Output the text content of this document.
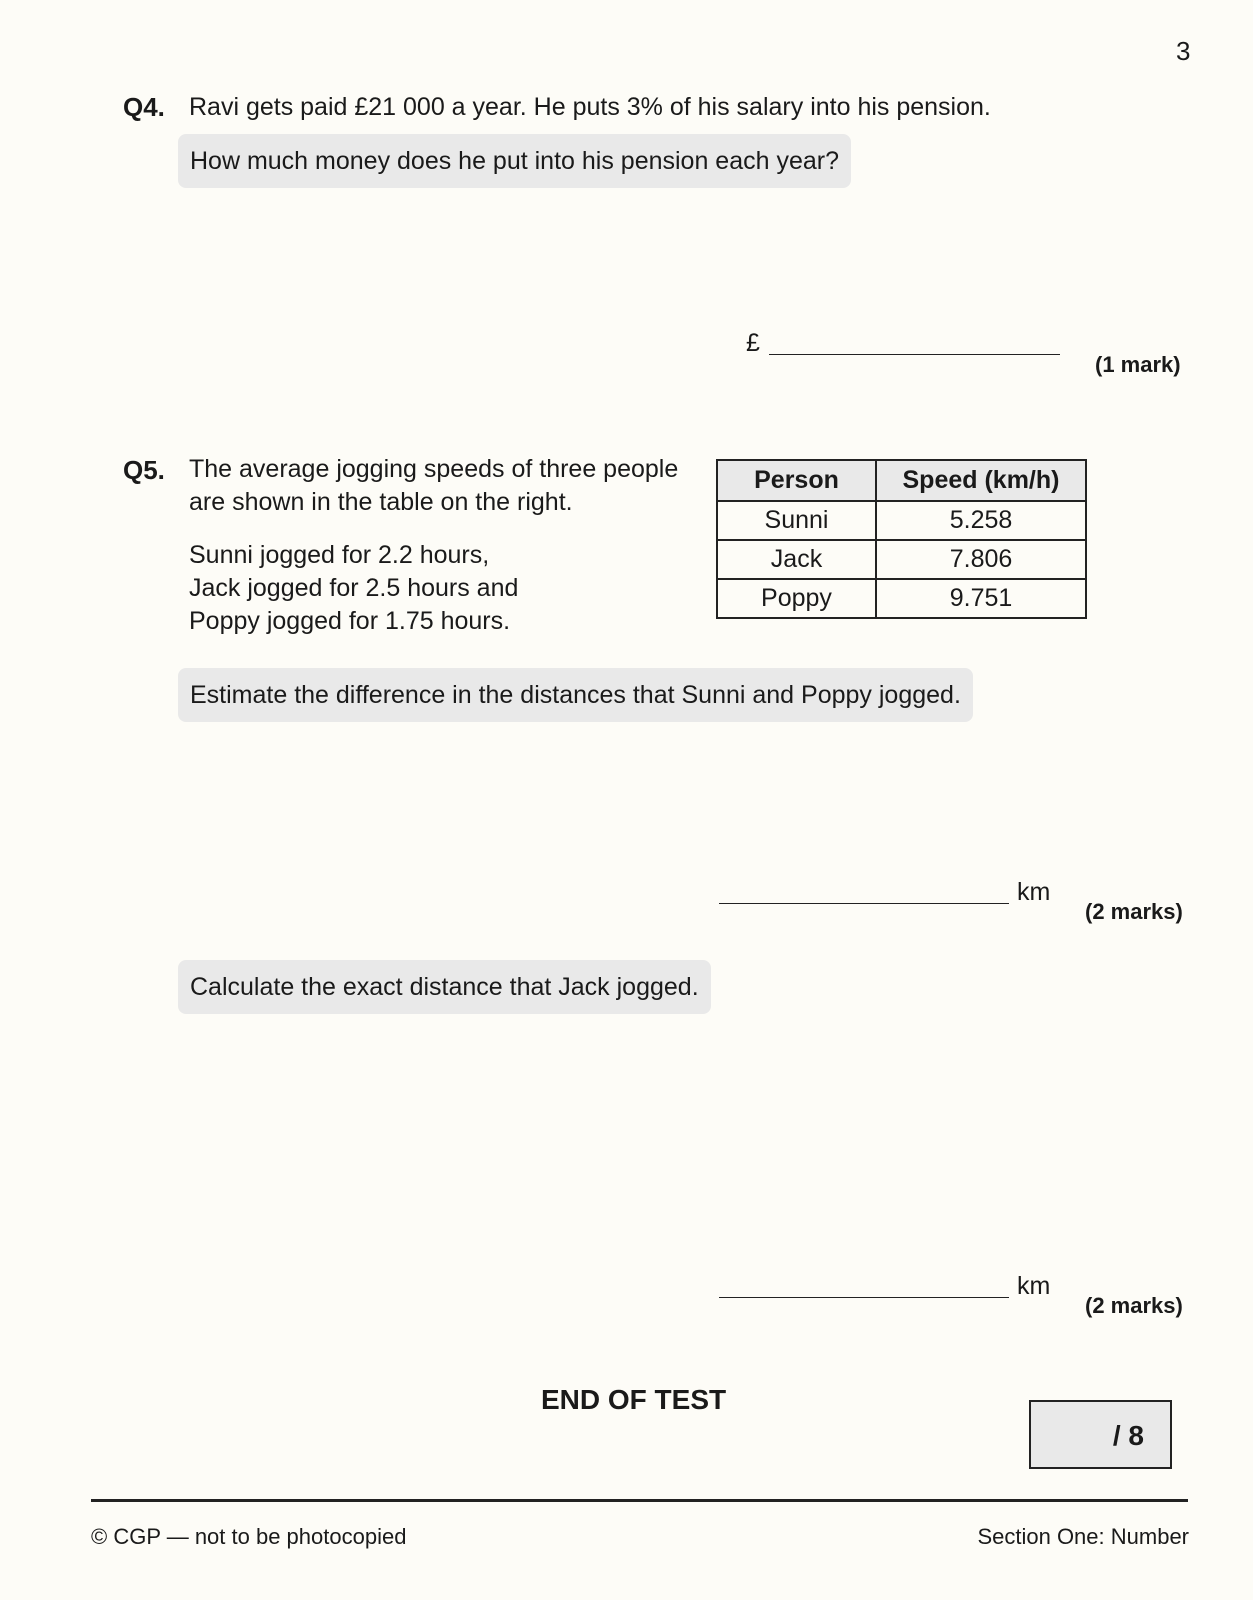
3
Q4. Ravi gets paid £21 000 a year. He puts 3% of his salary into his pension.
How much money does he put into his pension each year?
£
(1 mark)
Q5. The average jogging speeds of three people
are shown in the table on the right.
Sunni jogged for 2.2 hours,
Jack jogged for 2.5 hours and
Poppy jogged for 1.75 hours.
Person	Speed (km/h)
Sunni	5.258
Jack	7.806
Poppy	9.751
Estimate the difference in the distances that Sunni and Poppy jogged.
km
(2 marks)
Calculate the exact distance that Jack jogged.
km
(2 marks)
END OF TEST
/ 8
© CGP — not to be photocopied	Section One: Number
